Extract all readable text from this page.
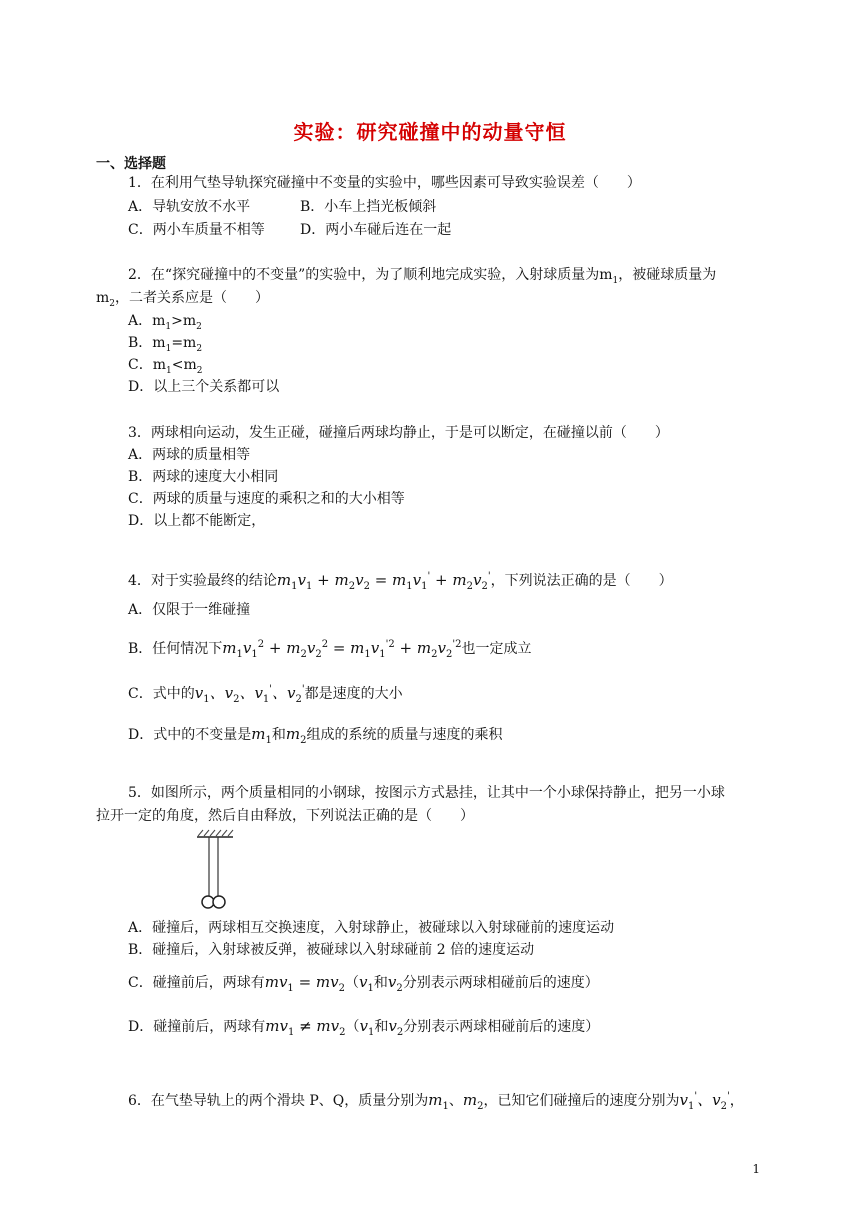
实验：研究碰撞中的动量守恒
一、选择题
1．在利用气垫导轨探究碰撞中不变量的实验中，哪些因素可导致实验误差（　　）
A．导轨安放不水平	B．小车上挡光板倾斜
C．两小车质量不相等	D．两小车碰后连在一起
2．在“探究碰撞中的不变量”的实验中，为了顺利地完成实验，入射球质量为$m_1$，被碰球质量为
$m_2$，二者关系应是（　　）
A．$m_1>m_2$
B．$m_1=m_2$
C．$m_1<m_2$
D．以上三个关系都可以
3．两球相向运动，发生正碰，碰撞后两球均静止，于是可以断定，在碰撞以前（　　）
A．两球的质量相等
B．两球的速度大小相同
C．两球的质量与速度的乘积之和的大小相等
D．以上都不能断定，
4．对于实验最终的结论$m_1v_1 + m_2v_2 = m_1v_1' + m_2v_2'$，下列说法正确的是（　　）
A．仅限于一维碰撞
B．任何情况下$m_1v_1^2 + m_2v_2^2 = m_1v_1^{'2} + m_2v_2^{'2}$也一定成立
C．式中的$v_1$、$v_2$、$v_1'$、$v_2'$都是速度的大小
D．式中的不变量是$m_1$和$m_2$组成的系统的质量与速度的乘积
5．如图所示，两个质量相同的小钢球，按图示方式悬挂，让其中一个小球保持静止，把另一小球
拉开一定的角度，然后自由释放，下列说法正确的是（　　）
A．碰撞后，两球相互交换速度，入射球静止，被碰球以入射球碰前的速度运动
B．碰撞后，入射球被反弹，被碰球以入射球碰前 2 倍的速度运动
C．碰撞前后，两球有$mv_1 = mv_2(v_1$和$v_2$分别表示两球相碰前后的速度）
D．碰撞前后，两球有$mv_1 \ne mv_2(v_1$和$v_2$分别表示两球相碰前后的速度）
6．在气垫导轨上的两个滑块 P、Q，质量分别为$m_1$、$m_2$，已知它们碰撞后的速度分别为$v_1'$、$v_2'$，
1
